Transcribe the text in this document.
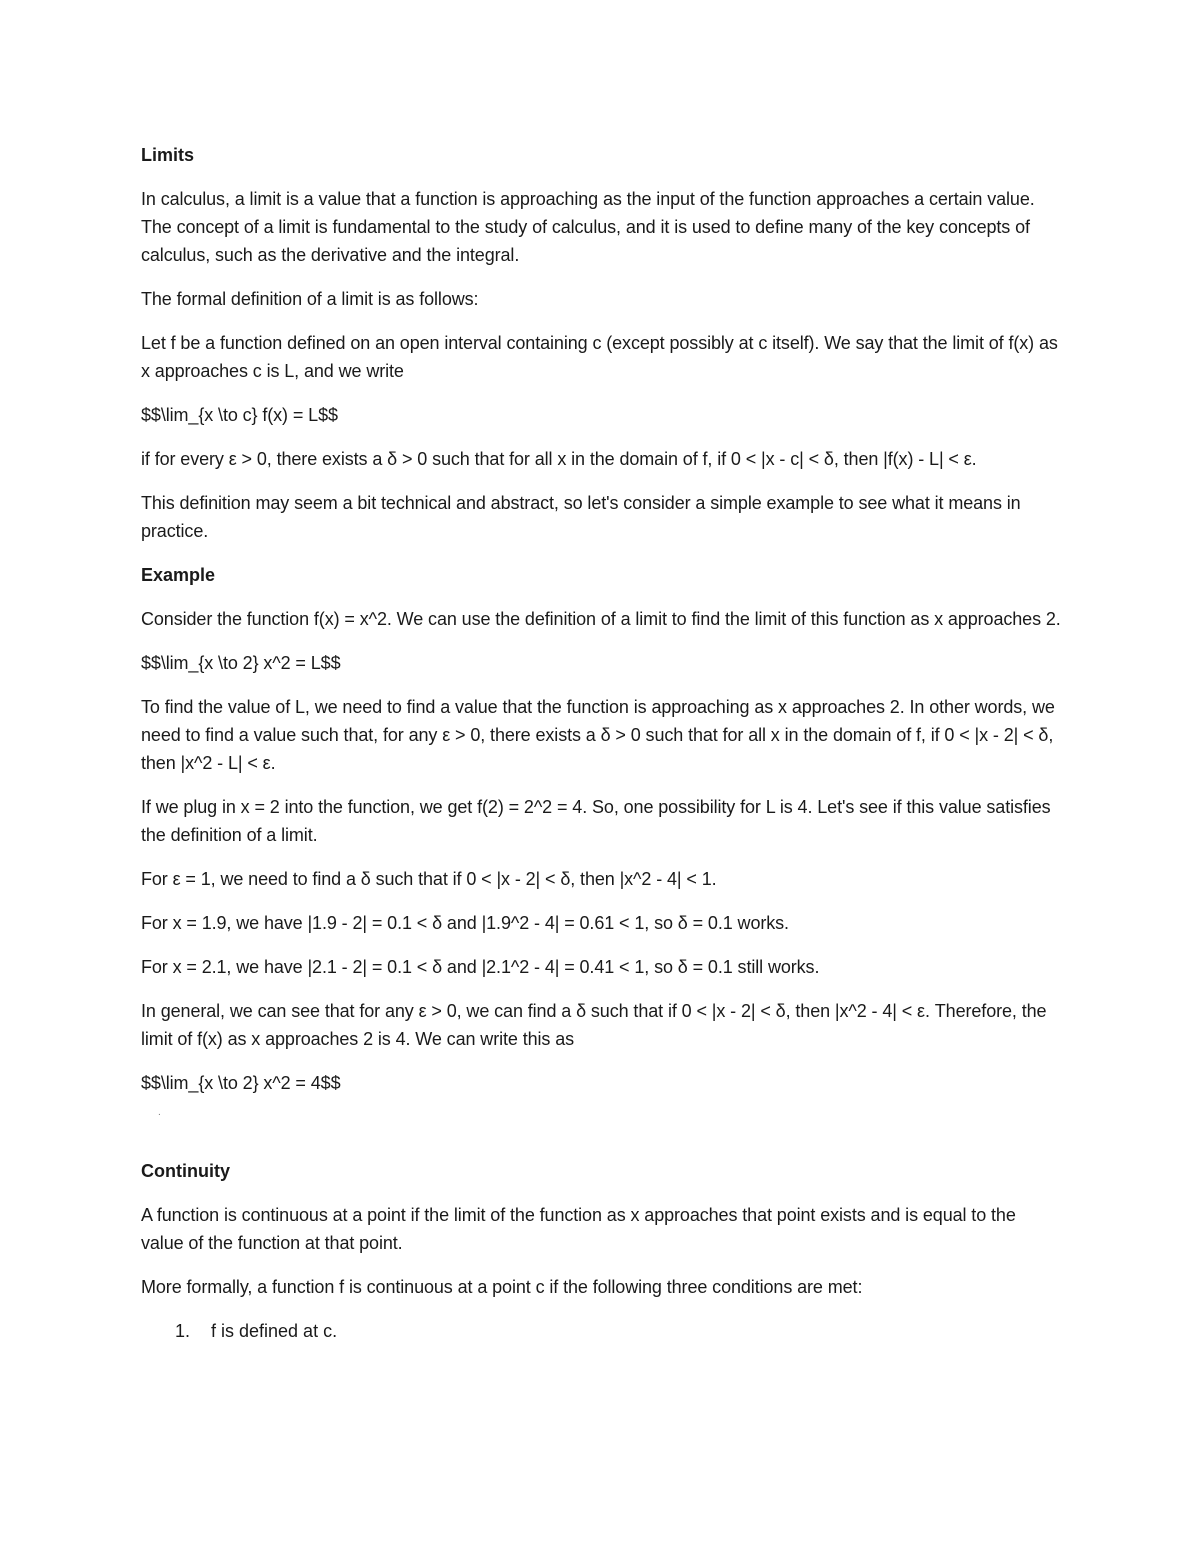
Limits

In calculus, a limit is a value that a function is approaching as the input of the function approaches a certain value. The concept of a limit is fundamental to the study of calculus, and it is used to define many of the key concepts of calculus, such as the derivative and the integral.

The formal definition of a limit is as follows:

Let f be a function defined on an open interval containing c (except possibly at c itself). We say that the limit of f(x) as x approaches c is L, and we write

$$\lim_{x \to c} f(x) = L$$

if for every ε > 0, there exists a δ > 0 such that for all x in the domain of f, if 0 < |x - c| < δ, then |f(x) - L| < ε.

This definition may seem a bit technical and abstract, so let's consider a simple example to see what it means in practice.

Example

Consider the function f(x) = x^2. We can use the definition of a limit to find the limit of this function as x approaches 2.

$$\lim_{x \to 2} x^2 = L$$

To find the value of L, we need to find a value that the function is approaching as x approaches 2. In other words, we need to find a value such that, for any ε > 0, there exists a δ > 0 such that for all x in the domain of f, if 0 < |x - 2| < δ, then |x^2 - L| < ε.

If we plug in x = 2 into the function, we get f(2) = 2^2 = 4. So, one possibility for L is 4. Let's see if this value satisfies the definition of a limit.

For ε = 1, we need to find a δ such that if 0 < |x - 2| < δ, then |x^2 - 4| < 1.

For x = 1.9, we have |1.9 - 2| = 0.1 < δ and |1.9^2 - 4| = 0.61 < 1, so δ = 0.1 works.

For x = 2.1, we have |2.1 - 2| = 0.1 < δ and |2.1^2 - 4| = 0.41 < 1, so δ = 0.1 still works.

In general, we can see that for any ε > 0, we can find a δ such that if 0 < |x - 2| < δ, then |x^2 - 4| < ε. Therefore, the limit of f(x) as x approaches 2 is 4. We can write this as

$$\lim_{x \to 2} x^2 = 4$$

.
Continuity

A function is continuous at a point if the limit of the function as x approaches that point exists and is equal to the value of the function at that point.

More formally, a function f is continuous at a point c if the following three conditions are met:

1.	f is defined at c.
